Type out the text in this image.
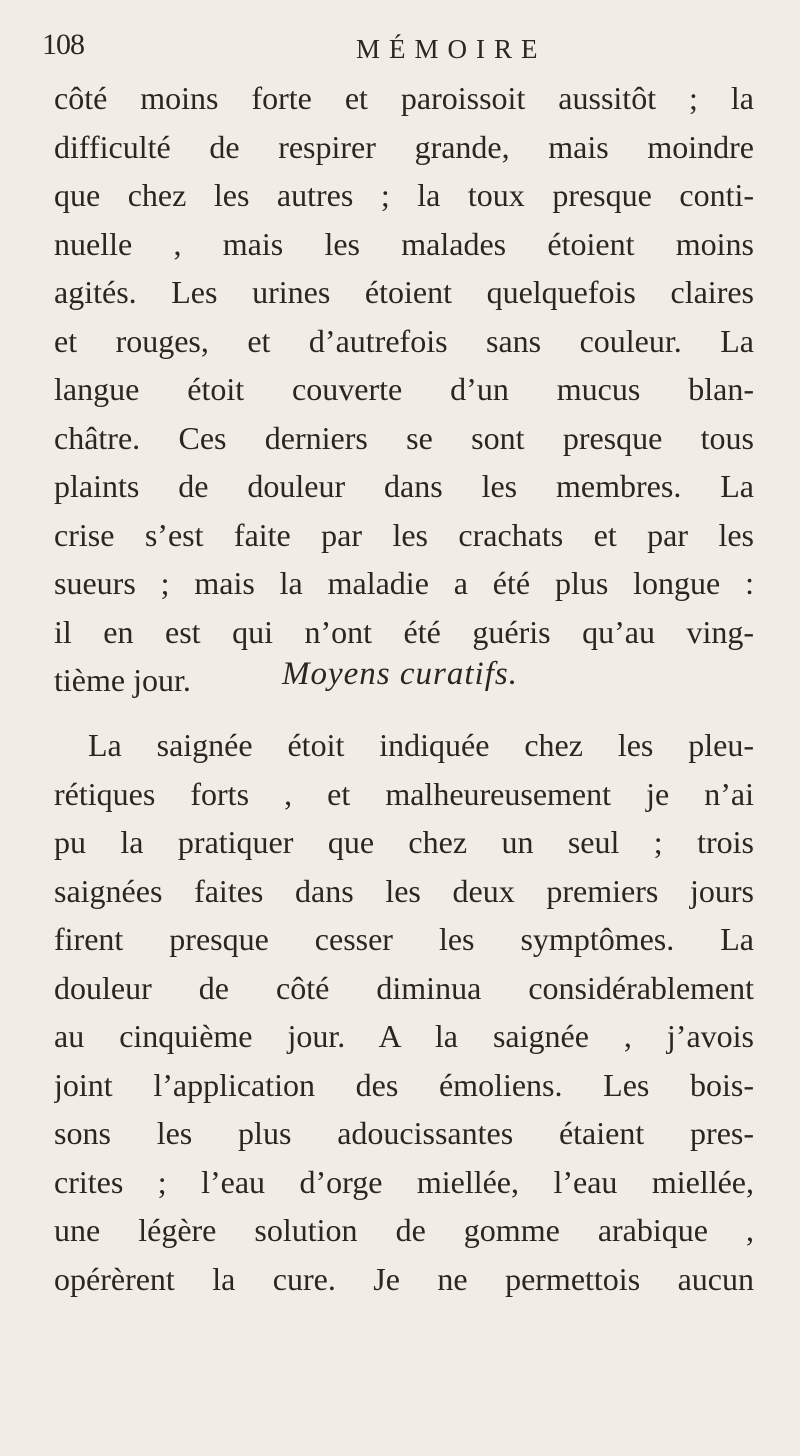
108	MÉMOIRE
côté moins forte et paroissoit aussitôt ; la
difficulté de respirer grande, mais moindre
que chez les autres ; la toux presque conti-
nuelle , mais les malades étoient moins
agités. Les urines étoient quelquefois claires
et rouges, et d’autrefois sans couleur. La
langue étoit couverte d’un mucus blan-
châtre. Ces derniers se sont presque tous
plaints de douleur dans les membres. La
crise s’est faite par les crachats et par les
sueurs ; mais la maladie a été plus longue :
il en est qui n’ont été guéris qu’au ving-
tième jour.	Moyens curatifs.
La saignée étoit indiquée chez les pleu-
rétiques forts , et malheureusement je n’ai
pu la pratiquer que chez un seul ; trois
saignées faites dans les deux premiers jours
firent presque cesser les symptômes. La
douleur de côté diminua considérablement
au cinquième jour. A la saignée , j’avois
joint l’application des émoliens. Les bois-
sons les plus adoucissantes étaient pres-
crites ; l’eau d’orge miellée, l’eau miellée,
une légère solution de gomme arabique ,
opérèrent la cure. Je ne permettois aucun
